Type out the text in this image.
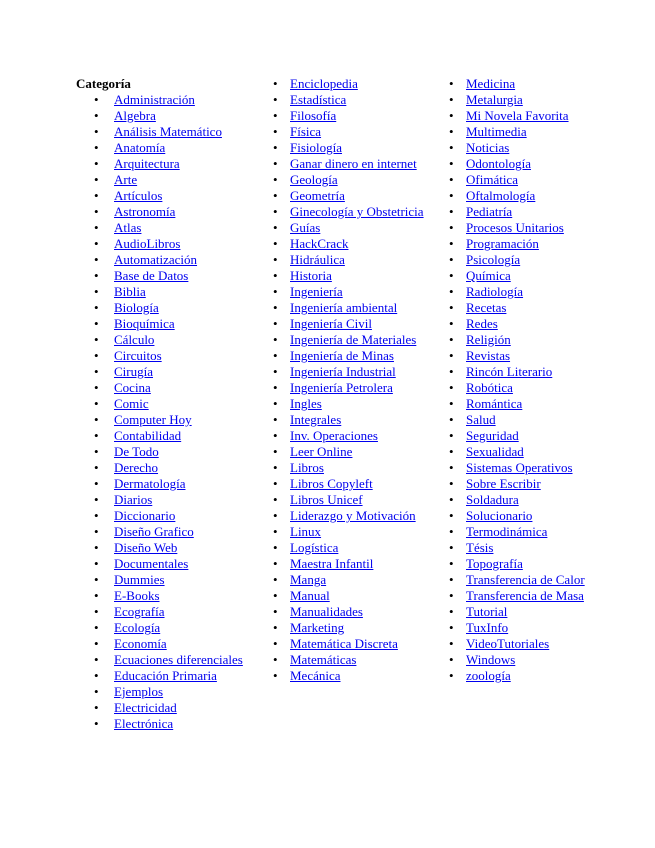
Categoría
• Administración
• Algebra
• Análisis Matemático
• Anatomía
• Arquitectura
• Arte
• Artículos
• Astronomía
• Atlas
• AudioLibros
• Automatización
• Base de Datos
• Biblia
• Biología
• Bioquímica
• Cálculo
• Circuitos
• Cirugía
• Cocina
• Comic
• Computer Hoy
• Contabilidad
• De Todo
• Derecho
• Dermatología
• Diarios
• Diccionario
• Diseño Grafico
• Diseño Web
• Documentales
• Dummies
• E-Books
• Ecografía
• Ecología
• Economía
• Ecuaciones diferenciales
• Educación Primaria
• Ejemplos
• Electricidad
• Electrónica
• Enciclopedia
• Estadística
• Filosofía
• Física
• Fisiología
• Ganar dinero en internet
• Geología
• Geometría
• Ginecología y Obstetricia
• Guías
• HackCrack
• Hidráulica
• Historia
• Ingeniería
• Ingeniería ambiental
• Ingeniería Civil
• Ingeniería de Materiales
• Ingeniería de Minas
• Ingeniería Industrial
• Ingeniería Petrolera
• Ingles
• Integrales
• Inv. Operaciones
• Leer Online
• Libros
• Libros Copyleft
• Libros Unicef
• Liderazgo y Motivación
• Linux
• Logística
• Maestra Infantil
• Manga
• Manual
• Manualidades
• Marketing
• Matemática Discreta
• Matemáticas
• Mecánica
• Medicina
• Metalurgia
• Mi Novela Favorita
• Multimedia
• Noticias
• Odontología
• Ofimática
• Oftalmología
• Pediatría
• Procesos Unitarios
• Programación
• Psicología
• Química
• Radiología
• Recetas
• Redes
• Religión
• Revistas
• Rincón Literario
• Robótica
• Romántica
• Salud
• Seguridad
• Sexualidad
• Sistemas Operativos
• Sobre Escribir
• Soldadura
• Solucionario
• Termodinámica
• Tésis
• Topografía
• Transferencia de Calor
• Transferencia de Masa
• Tutorial
• TuxInfo
• VideoTutoriales
• Windows
• zoología
